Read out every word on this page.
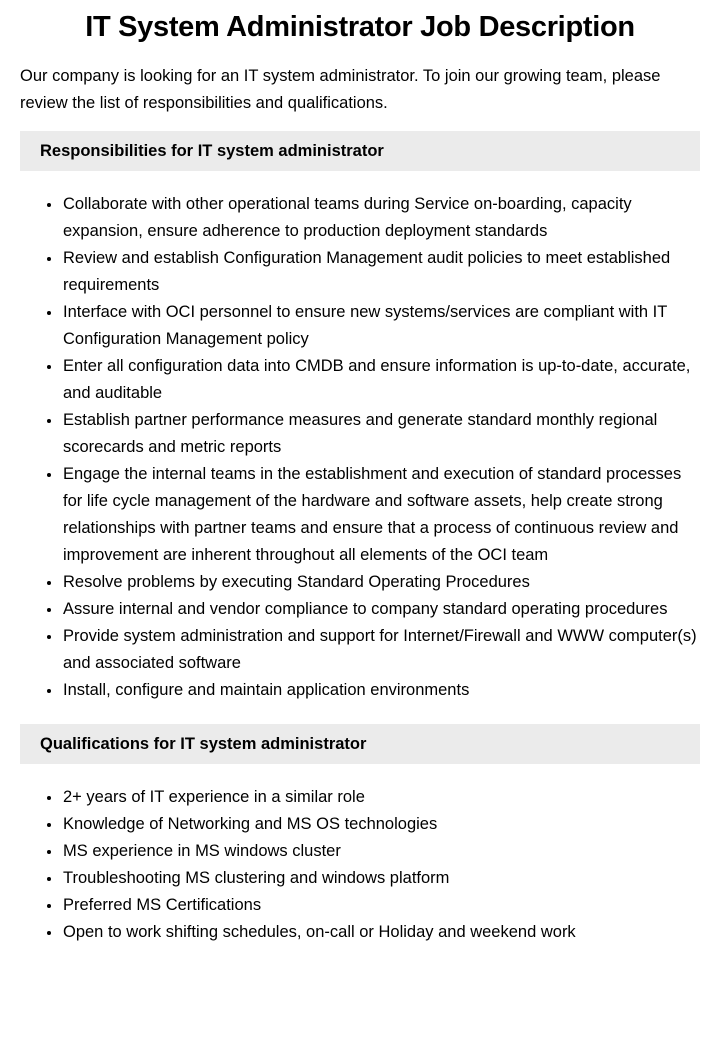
IT System Administrator Job Description

Our company is looking for an IT system administrator. To join our growing team, please review the list of responsibilities and qualifications.

Responsibilities for IT system administrator
• Collaborate with other operational teams during Service on-boarding, capacity expansion, ensure adherence to production deployment standards
• Review and establish Configuration Management audit policies to meet established requirements
• Interface with OCI personnel to ensure new systems/services are compliant with IT Configuration Management policy
• Enter all configuration data into CMDB and ensure information is up-to-date, accurate, and auditable
• Establish partner performance measures and generate standard monthly regional scorecards and metric reports
• Engage the internal teams in the establishment and execution of standard processes for life cycle management of the hardware and software assets, help create strong relationships with partner teams and ensure that a process of continuous review and improvement are inherent throughout all elements of the OCI team
• Resolve problems by executing Standard Operating Procedures
• Assure internal and vendor compliance to company standard operating procedures
• Provide system administration and support for Internet/Firewall and WWW computer(s) and associated software
• Install, configure and maintain application environments
Qualifications for IT system administrator
• 2+ years of IT experience in a similar role
• Knowledge of Networking and MS OS technologies
• MS experience in MS windows cluster
• Troubleshooting MS clustering and windows platform
• Preferred MS Certifications
• Open to work shifting schedules, on-call or Holiday and weekend work
